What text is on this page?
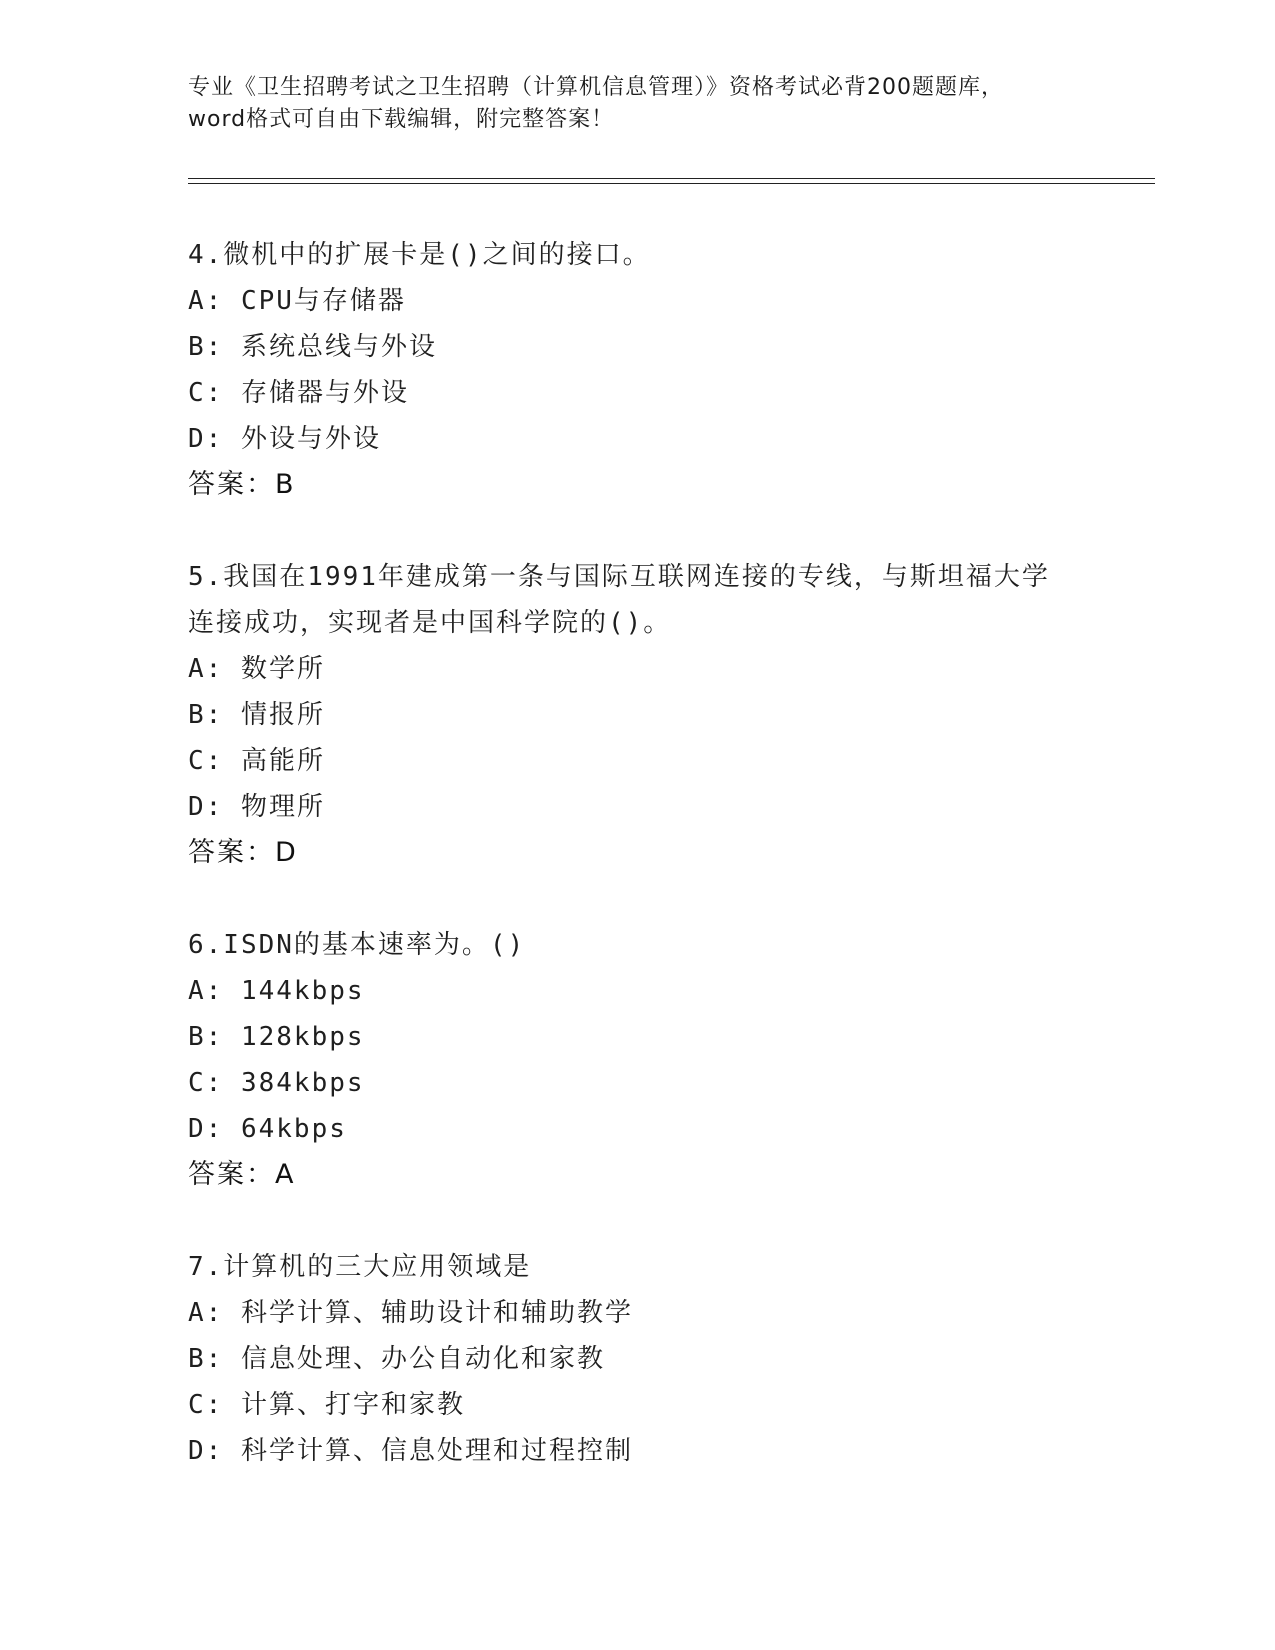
专业《卫生招聘考试之卫生招聘（计算机信息管理）》资格考试必背200题题库，
word格式可自由下载编辑，附完整答案！
4.微机中的扩展卡是()之间的接口。
A: CPU与存储器
B: 系统总线与外设
C: 存储器与外设
D: 外设与外设
答案：B
5.我国在1991年建成第一条与国际互联网连接的专线，与斯坦福大学
连接成功，实现者是中国科学院的()。
A: 数学所
B: 情报所
C: 高能所
D: 物理所
答案：D
6.ISDN的基本速率为。()
A: 144kbps
B: 128kbps
C: 384kbps
D: 64kbps
答案：A
7.计算机的三大应用领域是
A: 科学计算、辅助设计和辅助教学
B: 信息处理、办公自动化和家教
C: 计算、打字和家教
D: 科学计算、信息处理和过程控制
